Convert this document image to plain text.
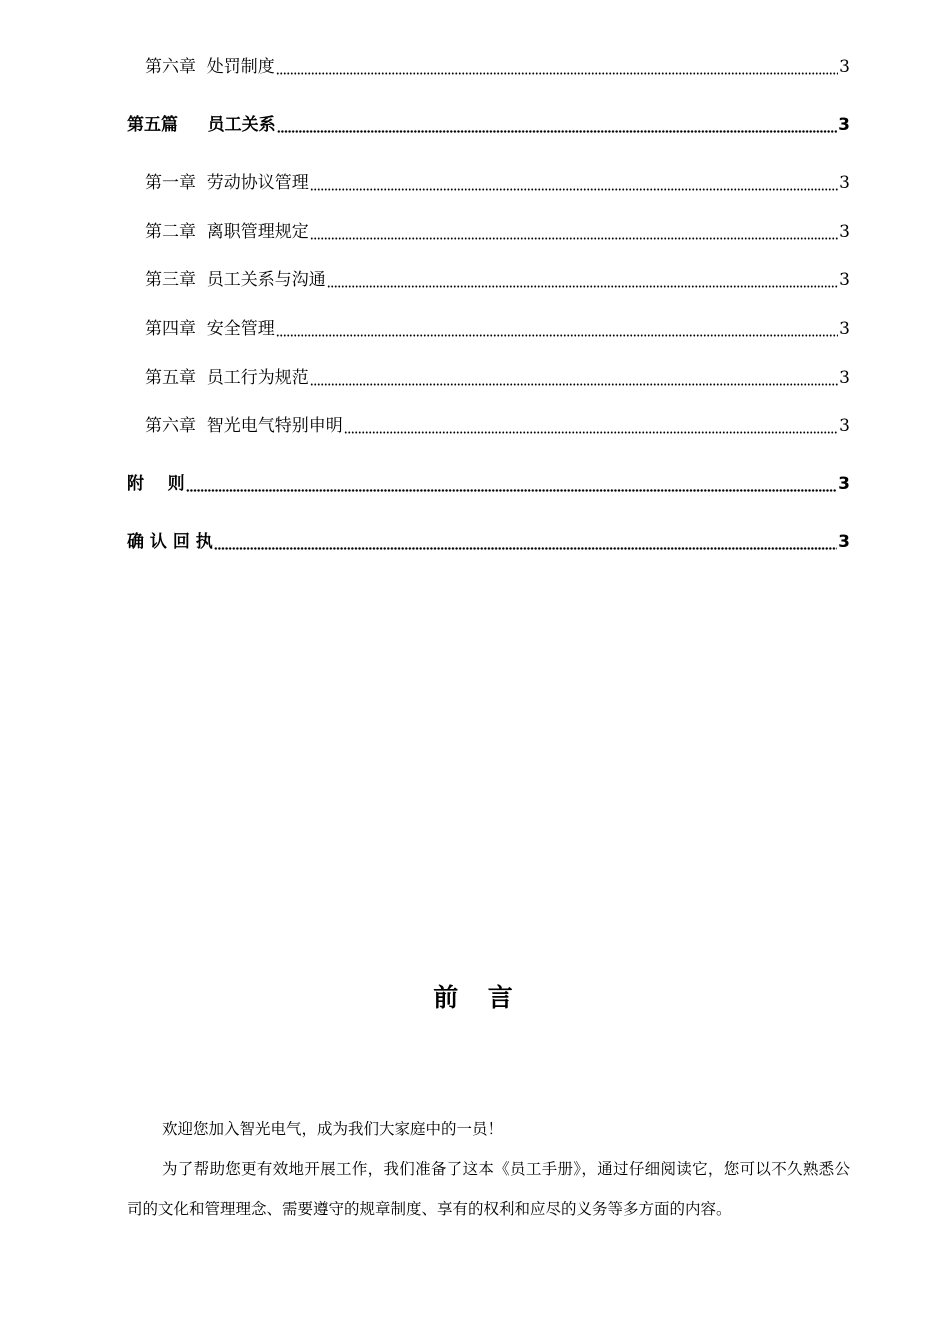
第六章  处罚制度	3
第五篇     员工关系	3
第一章  劳动协议管理	3
第二章  离职管理规定	3
第三章  员工关系与沟通	3
第四章  安全管理	3
第五章  员工行为规范	3
第六章  智光电气特别申明	3
附    则	3
确 认 回 执	3
前  言

欢迎您加入智光电气，成为我们大家庭中的一员！

为了帮助您更有效地开展工作，我们准备了这本《员工手册》，通过仔细阅读它，您可以不久熟悉公司的文化和管理理念、需要遵守的规章制度、享有的权利和应尽的义务等多方面的内容。
